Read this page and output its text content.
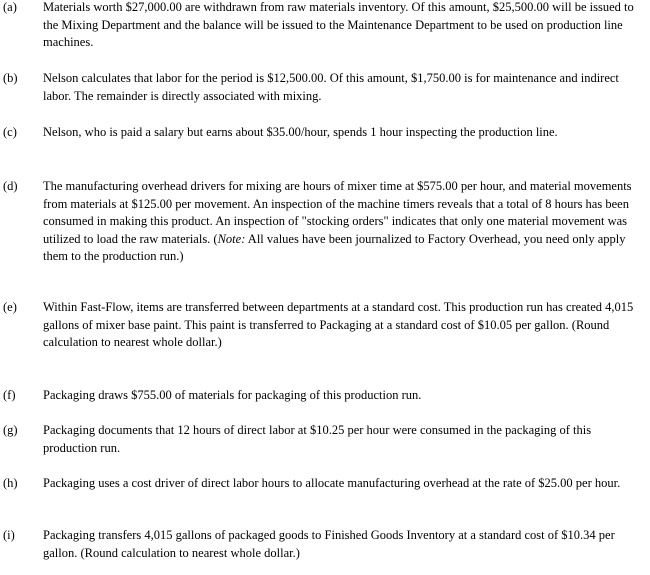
(a) Materials worth $27,000.00 are withdrawn from raw materials inventory. Of this amount, $25,500.00 will be issued to the Mixing Department and the balance will be issued to the Maintenance Department to be used on production line machines.
(b) Nelson calculates that labor for the period is $12,500.00. Of this amount, $1,750.00 is for maintenance and indirect labor. The remainder is directly associated with mixing.
(c) Nelson, who is paid a salary but earns about $35.00/hour, spends 1 hour inspecting the production line.
(d) The manufacturing overhead drivers for mixing are hours of mixer time at $575.00 per hour, and material movements from materials at $125.00 per movement. An inspection of the machine timers reveals that a total of 8 hours has been consumed in making this product. An inspection of "stocking orders" indicates that only one material movement was utilized to load the raw materials. (Note: All values have been journalized to Factory Overhead, you need only apply them to the production run.)
(e) Within Fast-Flow, items are transferred between departments at a standard cost. This production run has created 4,015 gallons of mixer base paint. This paint is transferred to Packaging at a standard cost of $10.05 per gallon. (Round calculation to nearest whole dollar.)
(f) Packaging draws $755.00 of materials for packaging of this production run.
(g) Packaging documents that 12 hours of direct labor at $10.25 per hour were consumed in the packaging of this production run.
(h) Packaging uses a cost driver of direct labor hours to allocate manufacturing overhead at the rate of $25.00 per hour.
(i) Packaging transfers 4,015 gallons of packaged goods to Finished Goods Inventory at a standard cost of $10.34 per gallon. (Round calculation to nearest whole dollar.)
